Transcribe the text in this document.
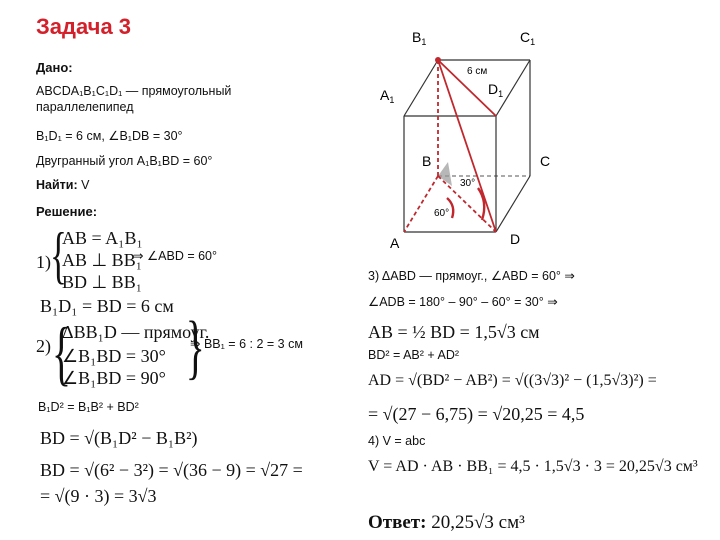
Задача 3
Дано:
ABCDA₁B₁C₁D₁ — прямоугольный
параллелепипед
B₁D₁ = 6 см, ∠B₁DB = 30°
Двугранный угол A₁B₁BD = 60°
Найти: V
Решение:
1) {
AB = A₁B₁
AB ⊥ BB₁
BD ⊥ BB₁
⇒ ∠ABD = 60°
B₁D₁ = BD = 6 см
2) {
ΔBB₁D — прямоуг.
∠B₁BD = 30°
∠B₁BD = 90° {
⇒ BB₁ = 6 : 2 = 3 см
B₁D² = B₁B² + BD²
BD = √(B₁D² − B₁B²)
BD = √(6² − 3²) = √(36 − 9) = √27 =
= √(9 · 3) = 3√3
3) ΔABD — прямоуг., ∠ABD = 60° ⇒
∠ADB = 180° – 90° – 60° = 30° ⇒
AB = ½ BD = 1,5√3 см
BD² = AB² + AD²
AD = √(BD² − AB²) = √((3√3)² − (1,5√3)²) =
= √(27 − 6,75) = √20,25 = 4,5
4) V = abc
V = AD · AB · BB₁ = 4,5 · 1,5√3 · 3 = 20,25√3 см³
Ответ: 20,25√3 см³
$B_1$	$C_1$
$A_1$
$D_1$
B	C
A	D
6 см
30°
60°
